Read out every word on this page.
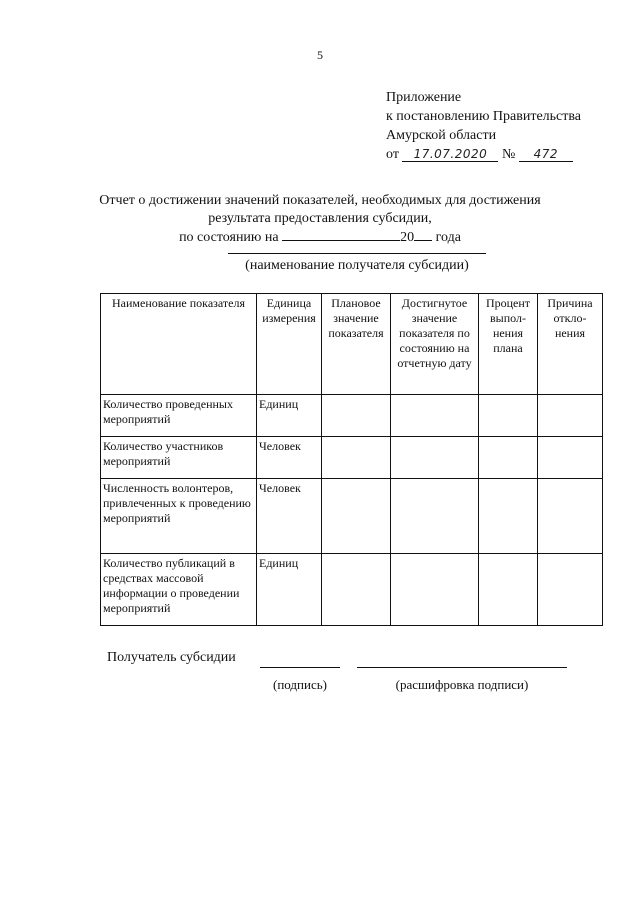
5
Приложение
к постановлению Правительства
Амурской области
от 17.07.2020 № 472
Отчет о достижении значений показателей, необходимых для достижения
результата предоставления субсидии,
по состоянию на	20 года
(наименование получателя субсидии)
Наименование показателя	Единица измерения	Плановое значение показателя	Достигнутое значение показателя по состоянию на отчетную дату	Процент выпол-нения плана	Причина откло-нения
Количество проведенных мероприятий	Единиц				
Количество участников мероприятий	Человек				
Численность волонтеров, привлеченных к проведению мероприятий	Человек				
Количество публикаций в средствах массовой информации о проведении мероприятий	Единиц				
Получатель субсидии
(подпись)	(расшифровка подписи)
